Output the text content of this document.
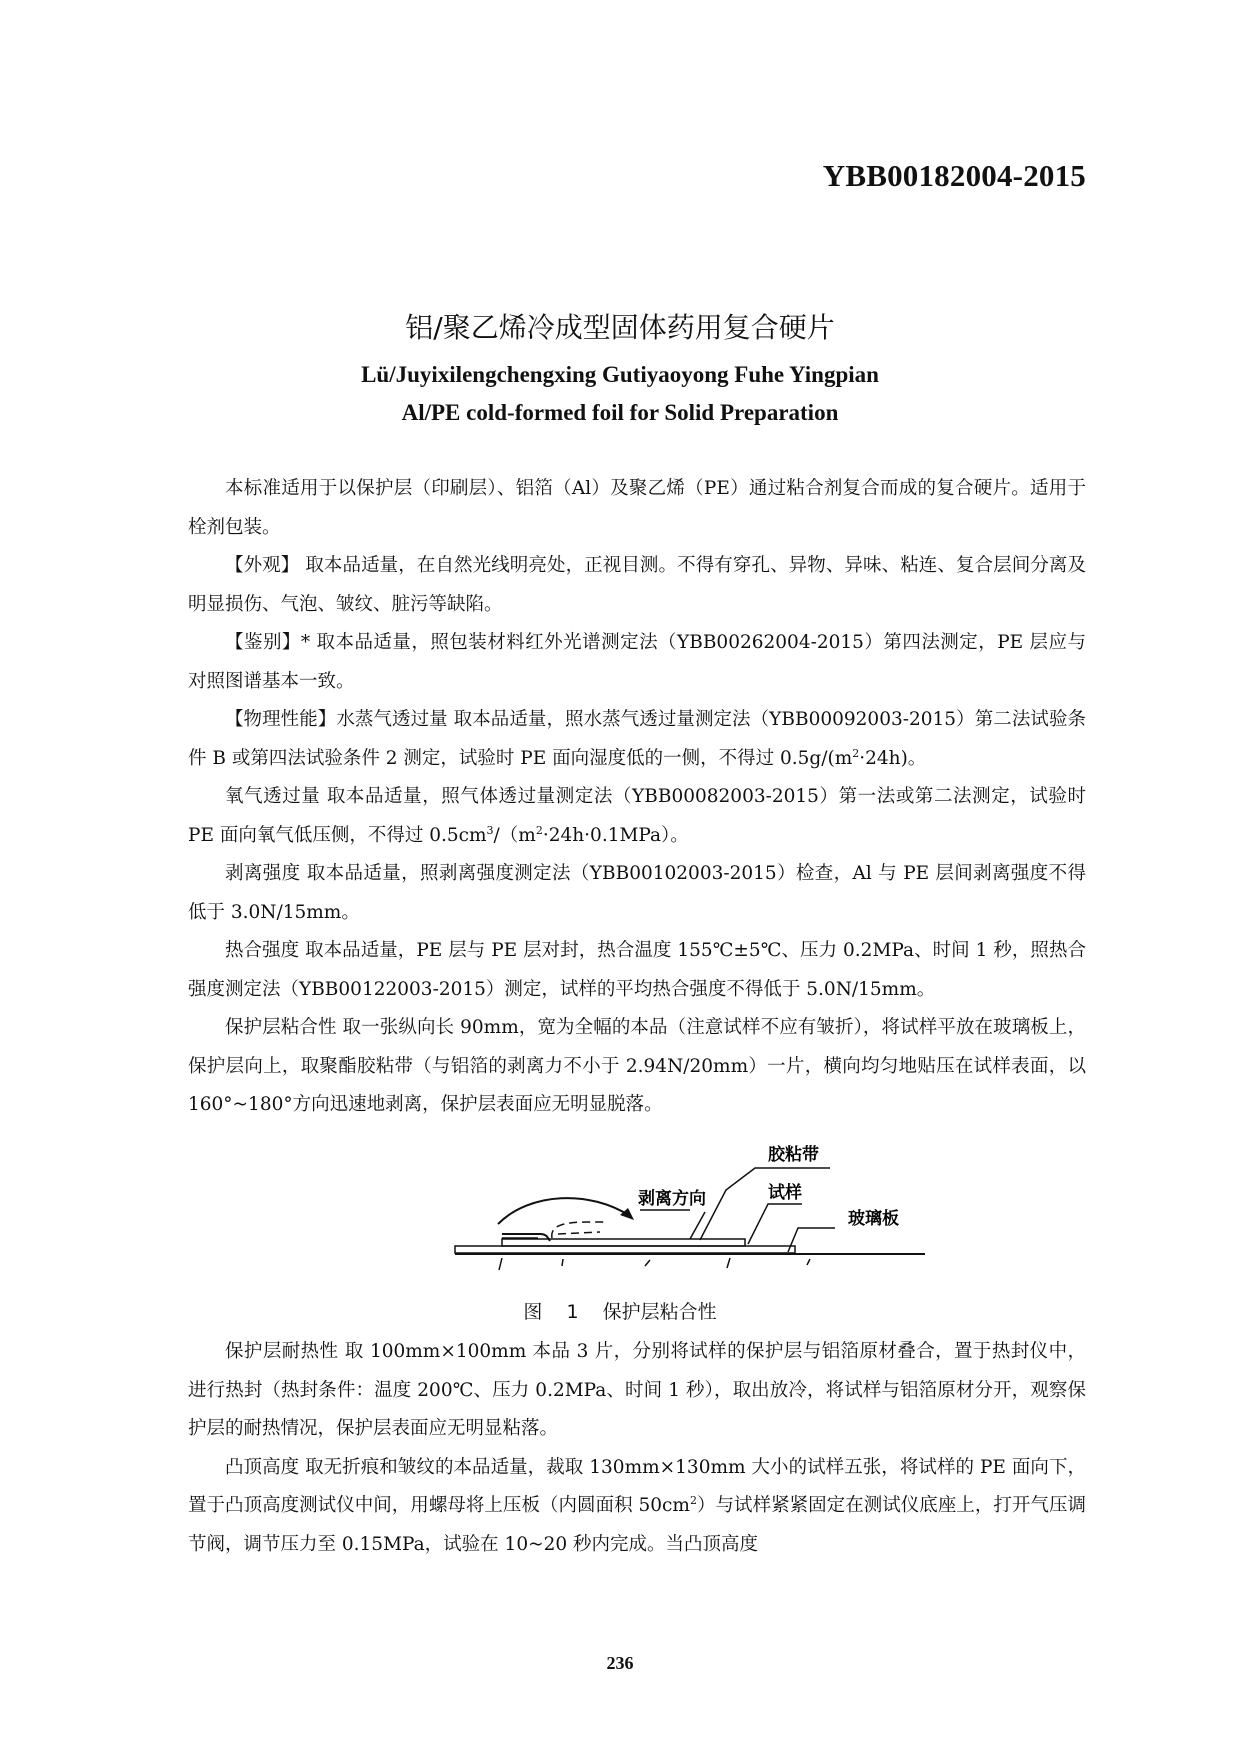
YBB00182004-2015
铝/聚乙烯冷成型固体药用复合硬片
Lü/Juyixilengchengxing Gutiyaoyong Fuhe Yingpian
Al/PE cold-formed foil for Solid Preparation

本标准适用于以保护层（印刷层）、铝箔（Al）及聚乙烯（PE）通过粘合剂复合而成的复合硬片。适用于栓剂包装。

【外观】 取本品适量，在自然光线明亮处，正视目测。不得有穿孔、异物、异味、粘连、复合层间分离及明显损伤、气泡、皱纹、脏污等缺陷。

【鉴别】* 取本品适量，照包装材料红外光谱测定法（YBB00262004-2015）第四法测定，PE 层应与对照图谱基本一致。

【物理性能】水蒸气透过量 取本品适量，照水蒸气透过量测定法（YBB00092003-2015）第二法试验条件 B 或第四法试验条件 2 测定，试验时 PE 面向湿度低的一侧，不得过 $0.5g/(m^2\cdot 24h)$。

氧气透过量 取本品适量，照气体透过量测定法（YBB00082003-2015）第一法或第二法测定，试验时 PE 面向氧气低压侧，不得过 $0.5cm^3/(m^2\cdot 24h\cdot 0.1MPa)$。

剥离强度 取本品适量，照剥离强度测定法（YBB00102003-2015）检查，Al 与 PE 层间剥离强度不得低于 3.0N/15mm。

热合强度 取本品适量，PE 层与 PE 层对封，热合温度 155℃±5℃、压力 0.2MPa、时间 1 秒，照热合强度测定法（YBB00122003-2015）测定，试样的平均热合强度不得低于 5.0N/15mm。

保护层粘合性 取一张纵向长 90mm，宽为全幅的本品（注意试样不应有皱折），将试样平放在玻璃板上，保护层向上，取聚酯胶粘带（与铝箔的剥离力不小于 2.94N/20mm）一片，横向均匀地贴压在试样表面，以 160°~180°方向迅速地剥离，保护层表面应无明显脱落。

胶粘带
剥离方向	试样
玻璃板
图 1 保护层粘合性

保护层耐热性 取 100mm×100mm 本品 3 片，分别将试样的保护层与铝箔原材叠合，置于热封仪中，进行热封（热封条件：温度 200℃、压力 0.2MPa、时间 1 秒），取出放冷，将试样与铝箔原材分开，观察保护层的耐热情况，保护层表面应无明显粘落。

凸顶高度 取无折痕和皱纹的本品适量，裁取 130mm×130mm 大小的试样五张，将试样的 PE 面向下，置于凸顶高度测试仪中间，用螺母将上压板（内圆面积 $50cm^2$）与试样紧紧固定在测试仪底座上，打开气压调节阀，调节压力至 0.15MPa，试验在 10~20 秒内完成。当凸顶高度

236
